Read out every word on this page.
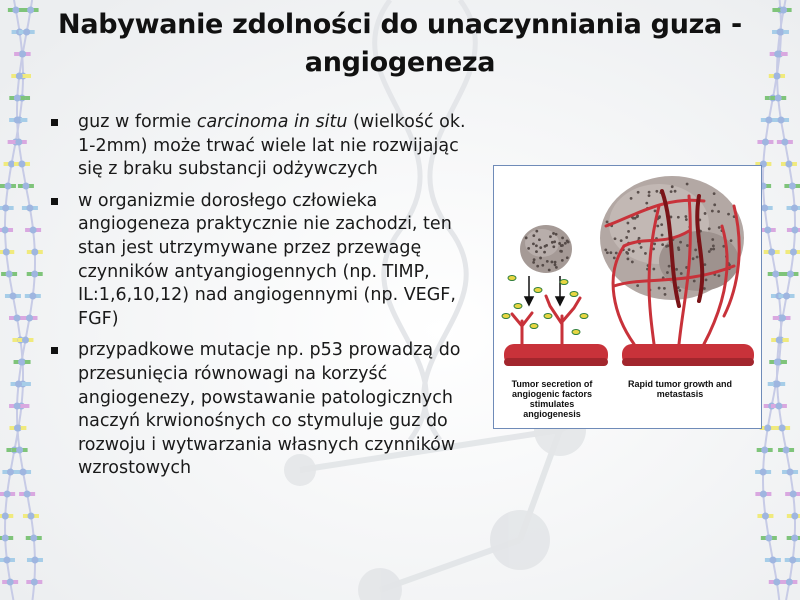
Nabywanie zdolności do unaczynniania guza - angiogeneza
guz w formie carcinoma in situ (wielkość ok. 1-2mm) może trwać wiele lat nie rozwijając się z braku substancji odżywczych
w organizmie dorosłego człowieka angiogeneza praktycznie nie zachodzi, ten stan jest utrzymywane przez przewagę czynników antyangiogennych (np. TIMP, IL:1,6,10,12) nad angiogennymi (np. VEGF, FGF)
przypadkowe mutacje np. p53 prowadzą do przesunięcia równowagi na korzyść angiogenezy, powstawanie patologicznych naczyń krwionośnych co stymuluje guz do rozwoju i wytwarzania własnych czynników wzrostowych
Tumor secretion of angiogenic factors stimulates angiogenesis
Rapid tumor growth and metastasis
